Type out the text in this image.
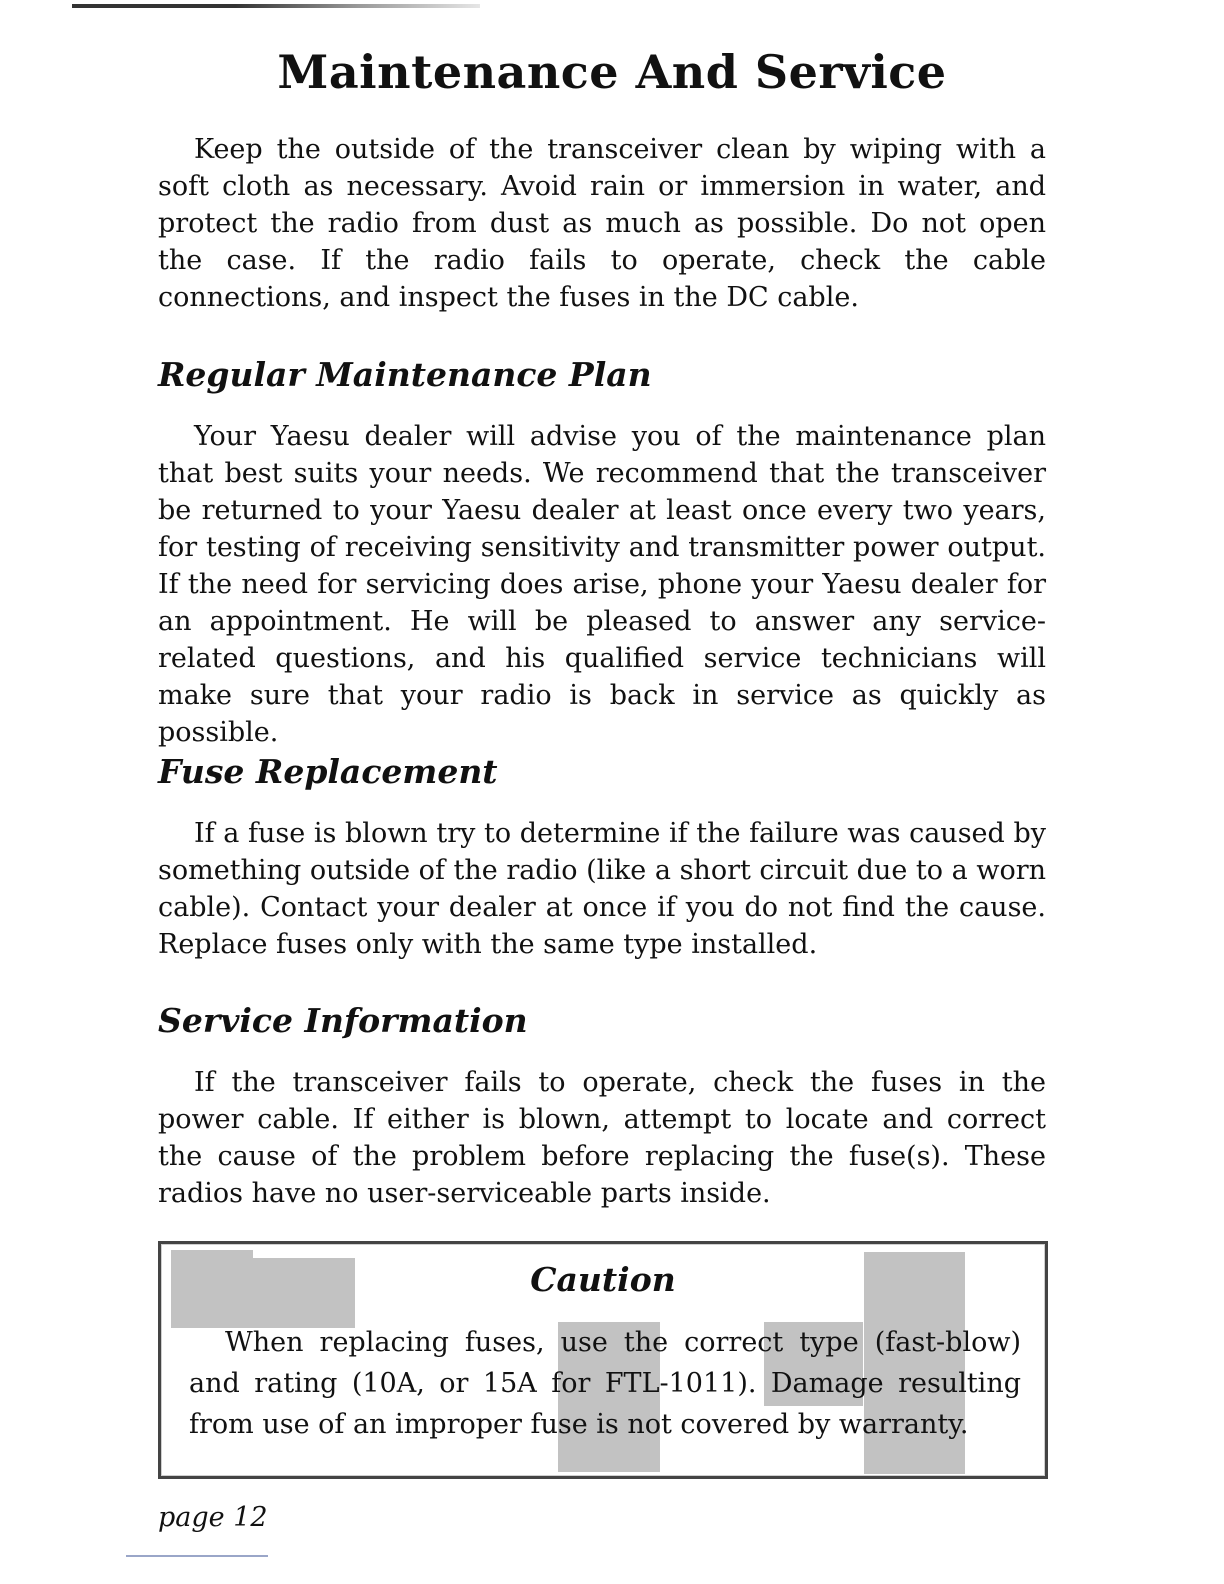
Maintenance And Service

Keep the outside of the transceiver clean by wiping with a soft cloth as necessary. Avoid rain or immersion in water, and protect the radio from dust as much as possible. Do not open the case. If the radio fails to operate, check the cable connections, and inspect the fuses in the DC cable.

Regular Maintenance Plan

Your Yaesu dealer will advise you of the maintenance plan that best suits your needs. We recommend that the transceiver be returned to your Yaesu dealer at least once every two years, for testing of receiving sensitivity and transmitter power output. If the need for servicing does arise, phone your Yaesu dealer for an appointment. He will be pleased to answer any service-related questions, and his qualified service technicians will make sure that your radio is back in service as quickly as possible.

Fuse Replacement

If a fuse is blown try to determine if the failure was caused by something outside of the radio (like a short circuit due to a worn cable). Contact your dealer at once if you do not find the cause. Replace fuses only with the same type installed.

Service Information

If the transceiver fails to operate, check the fuses in the power cable. If either is blown, attempt to locate and correct the cause of the problem before replacing the fuse(s). These radios have no user-serviceable parts inside.

Caution

When replacing fuses, use the correct type (fast-blow) and rating (10A, or 15A for FTL-1011). Damage resulting from use of an improper fuse is not covered by warranty.

page 12
